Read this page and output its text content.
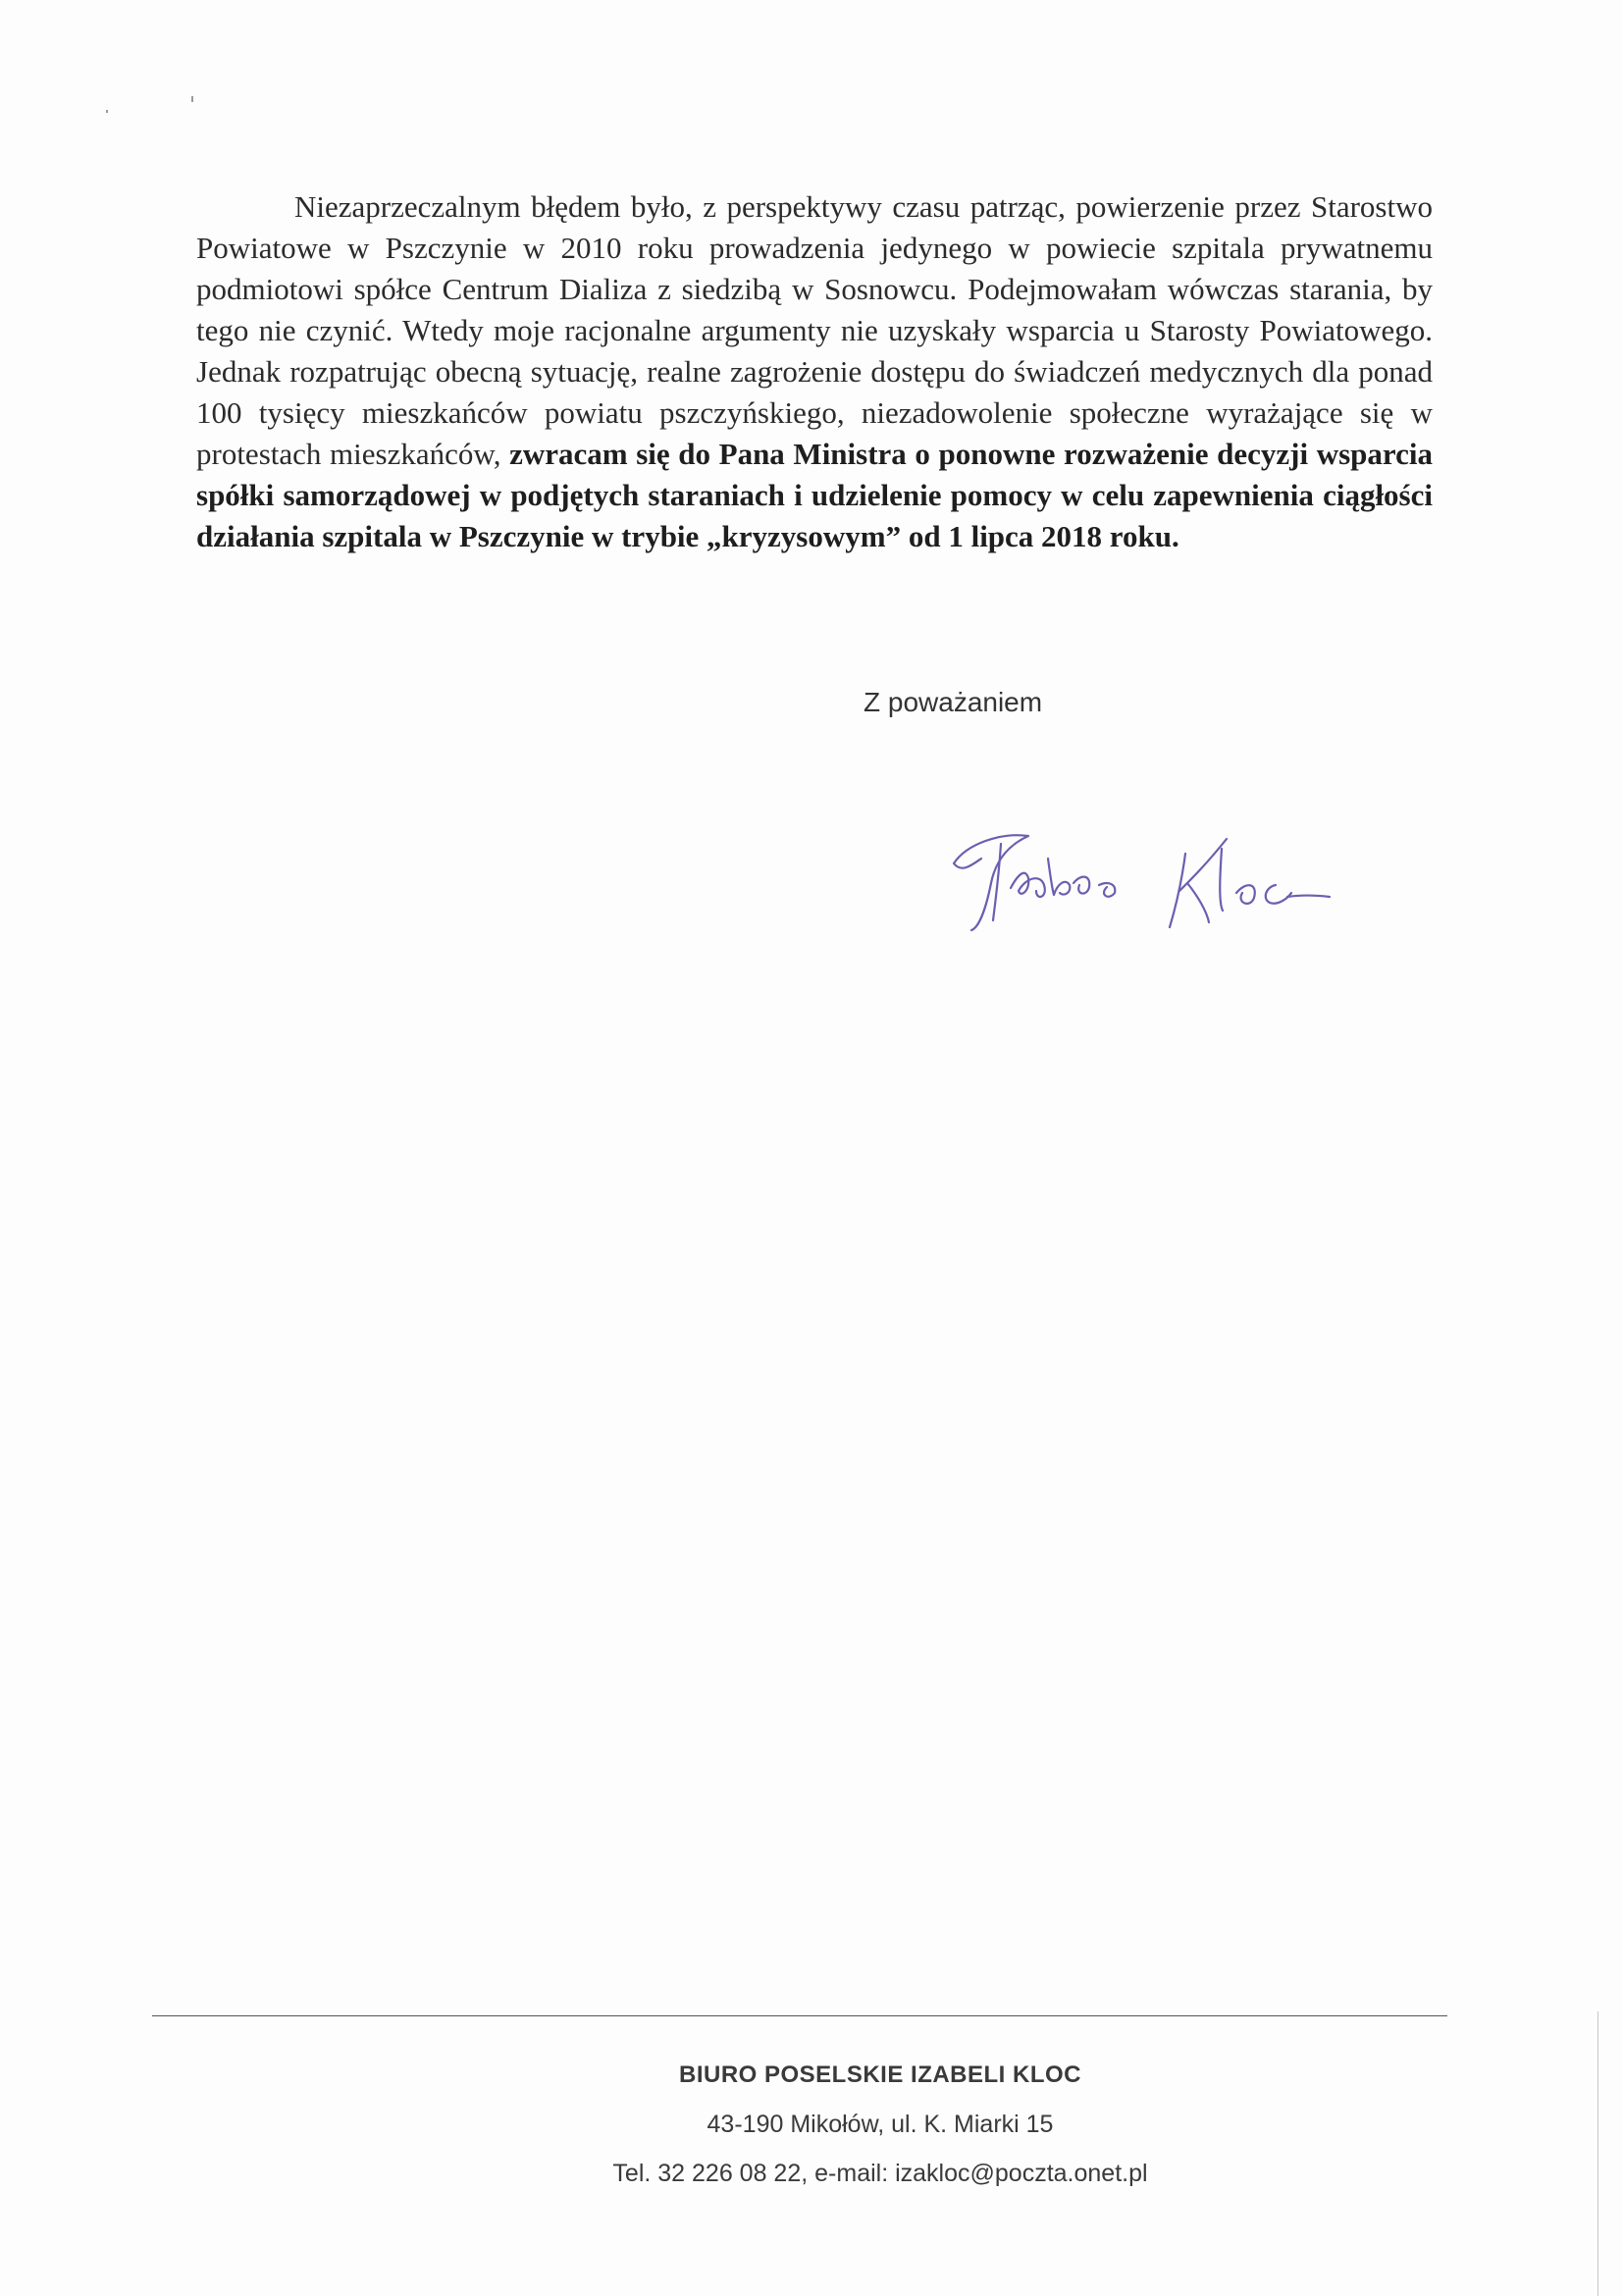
Niezaprzeczalnym błędem było, z perspektywy czasu patrząc, powierzenie przez Starostwo Powiatowe w Pszczynie w 2010 roku prowadzenia jedynego w powiecie szpitala prywatnemu podmiotowi spółce Centrum Dializa z siedzibą w Sosnowcu. Podejmowałam wówczas starania, by tego nie czynić. Wtedy moje racjonalne argumenty nie uzyskały wsparcia u Starosty Powiatowego. Jednak rozpatrując obecną sytuację, realne zagrożenie dostępu do świadczeń medycznych dla ponad 100 tysięcy mieszkańców powiatu pszczyńskiego, niezadowolenie społeczne wyrażające się w protestach mieszkańców, zwracam się do Pana Ministra o ponowne rozważenie decyzji wsparcia spółki samorządowej w podjętych staraniach i udzielenie pomocy w celu zapewnienia ciągłości działania szpitala w Pszczynie w trybie „kryzysowym” od 1 lipca 2018 roku.

Z poważaniem

BIURO POSELSKIE IZABELI KLOC
43-190 Mikołów, ul. K. Miarki 15
Tel. 32 226 08 22, e-mail: izakloc@poczta.onet.pl
